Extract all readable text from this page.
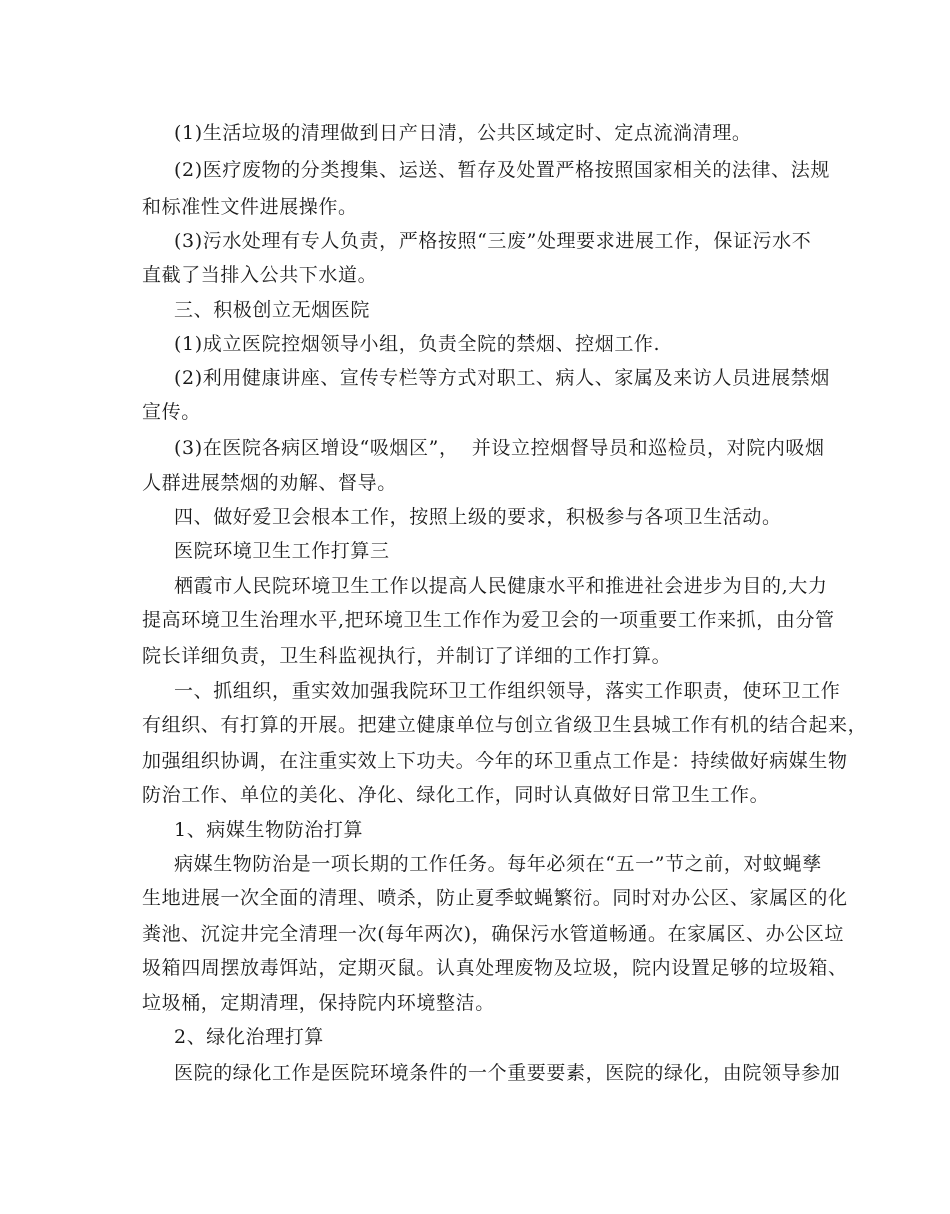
(1)生活垃圾的清理做到日产日清，公共区域定时、定点流淌清理。
(2)医疗废物的分类搜集、运送、暂存及处置严格按照国家相关的法律、法规
和标准性文件进展操作。
(3)污水处理有专人负责，严格按照“三废”处理要求进展工作，保证污水不
直截了当排入公共下水道。
三、积极创立无烟医院
(1)成立医院控烟领导小组，负责全院的禁烟、控烟工作.
(2)利用健康讲座、宣传专栏等方式对职工、病人、家属及来访人员进展禁烟
宣传。
(3)在医院各病区增设“吸烟区”，  并设立控烟督导员和巡检员，对院内吸烟
人群进展禁烟的劝解、督导。
四、做好爱卫会根本工作，按照上级的要求，积极参与各项卫生活动。
医院环境卫生工作打算三
栖霞市人民院环境卫生工作以提高人民健康水平和推进社会进步为目的,大力
提高环境卫生治理水平,把环境卫生工作作为爱卫会的一项重要工作来抓，由分管
院长详细负责，卫生科监视执行，并制订了详细的工作打算。
一、抓组织，重实效加强我院环卫工作组织领导，落实工作职责，使环卫工作
有组织、有打算的开展。把建立健康单位与创立省级卫生县城工作有机的结合起来，
加强组织协调，在注重实效上下功夫。今年的环卫重点工作是：持续做好病媒生物
防治工作、单位的美化、净化、绿化工作，同时认真做好日常卫生工作。
1、病媒生物防治打算
病媒生物防治是一项长期的工作任务。每年必须在“五一”节之前，对蚊蝇孳
生地进展一次全面的清理、喷杀，防止夏季蚊蝇繁衍。同时对办公区、家属区的化
粪池、沉淀井完全清理一次(每年两次)，确保污水管道畅通。在家属区、办公区垃
圾箱四周摆放毒饵站，定期灭鼠。认真处理废物及垃圾，院内设置足够的垃圾箱、
垃圾桶，定期清理，保持院内环境整洁。
2、绿化治理打算
医院的绿化工作是医院环境条件的一个重要要素，医院的绿化，由院领导参加
